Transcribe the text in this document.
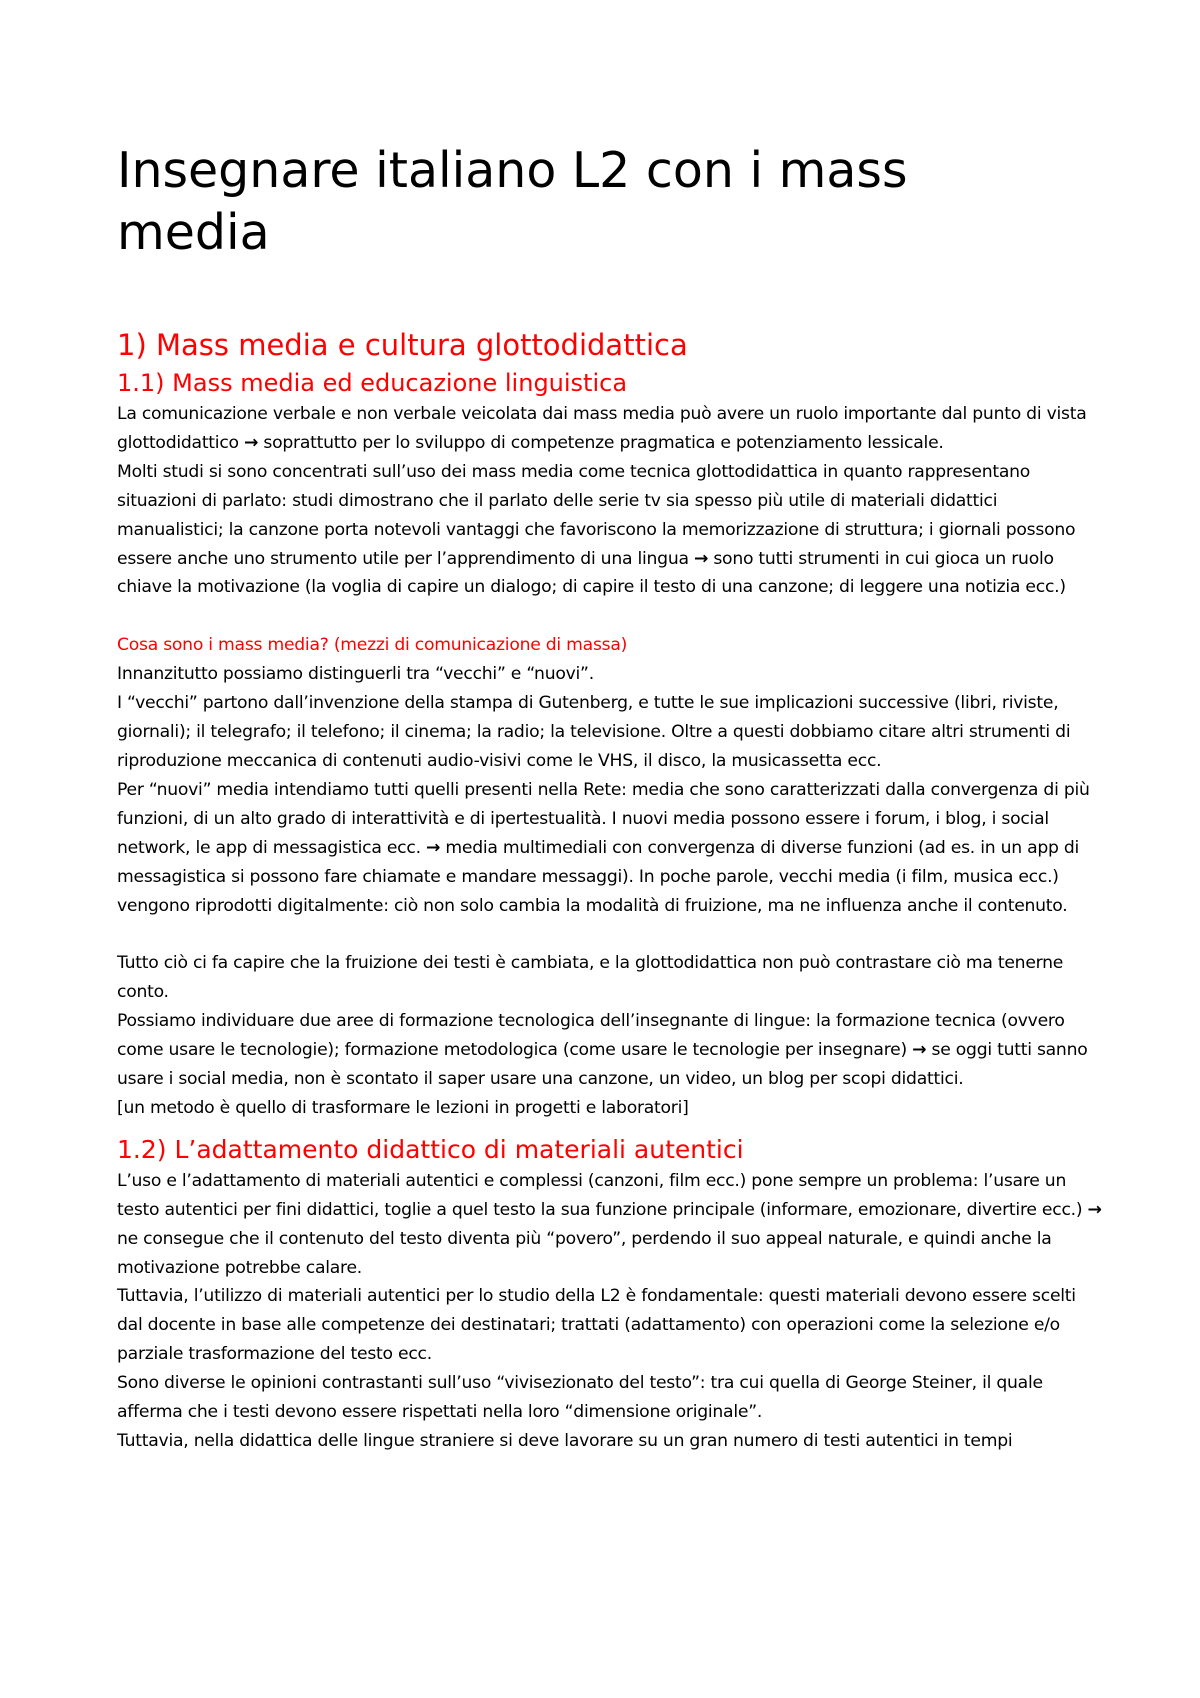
Insegnare italiano L2 con i mass media
1) Mass media e cultura glottodidattica
1.1) Mass media ed educazione linguistica

La comunicazione verbale e non verbale veicolata dai mass media può avere un ruolo importante dal punto di vista glottodidattico → soprattutto per lo sviluppo di competenze pragmatica e potenziamento lessicale.

Molti studi si sono concentrati sull’uso dei mass media come tecnica glottodidattica in quanto rappresentano situazioni di parlato: studi dimostrano che il parlato delle serie tv sia spesso più utile di materiali didattici manualistici; la canzone porta notevoli vantaggi che favoriscono la memorizzazione di struttura; i giornali possono essere anche uno strumento utile per l’apprendimento di una lingua → sono tutti strumenti in cui gioca un ruolo chiave la motivazione (la voglia di capire un dialogo; di capire il testo di una canzone; di leggere una notizia ecc.)

Cosa sono i mass media? (mezzi di comunicazione di massa)

Innanzitutto possiamo distinguerli tra “vecchi” e “nuovi”.

I “vecchi” partono dall’invenzione della stampa di Gutenberg, e tutte le sue implicazioni successive (libri, riviste, giornali); il telegrafo; il telefono; il cinema; la radio; la televisione. Oltre a questi dobbiamo citare altri strumenti di riproduzione meccanica di contenuti audio-visivi come le VHS, il disco, la musicassetta ecc.

Per “nuovi” media intendiamo tutti quelli presenti nella Rete: media che sono caratterizzati dalla convergenza di più funzioni, di un alto grado di interattività e di ipertestualità. I nuovi media possono essere i forum, i blog, i social network, le app di messagistica ecc. → media multimediali con convergenza di diverse funzioni (ad es. in un app di messagistica si possono fare chiamate e mandare messaggi). In poche parole, vecchi media (i film, musica ecc.) vengono riprodotti digitalmente: ciò non solo cambia la modalità di fruizione, ma ne influenza anche il contenuto.

Tutto ciò ci fa capire che la fruizione dei testi è cambiata, e la glottodidattica non può contrastare ciò ma tenerne conto.

Possiamo individuare due aree di formazione tecnologica dell’insegnante di lingue: la formazione tecnica (ovvero come usare le tecnologie); formazione metodologica (come usare le tecnologie per insegnare) → se oggi tutti sanno usare i social media, non è scontato il saper usare una canzone, un video, un blog per scopi didattici.

[un metodo è quello di trasformare le lezioni in progetti e laboratori]

1.2) L’adattamento didattico di materiali autentici

L’uso e l’adattamento di materiali autentici e complessi (canzoni, film ecc.) pone sempre un problema: l’usare un testo autentici per fini didattici, toglie a quel testo la sua funzione principale (informare, emozionare, divertire ecc.) → ne consegue che il contenuto del testo diventa più “povero”, perdendo il suo appeal naturale, e quindi anche la motivazione potrebbe calare.

Tuttavia, l’utilizzo di materiali autentici per lo studio della L2 è fondamentale: questi materiali devono essere scelti dal docente in base alle competenze dei destinatari; trattati (adattamento) con operazioni come la selezione e/o parziale trasformazione del testo ecc.

Sono diverse le opinioni contrastanti sull’uso “vivisezionato del testo”: tra cui quella di George Steiner, il quale afferma che i testi devono essere rispettati nella loro “dimensione originale”.

Tuttavia, nella didattica delle lingue straniere si deve lavorare su un gran numero di testi autentici in tempi
